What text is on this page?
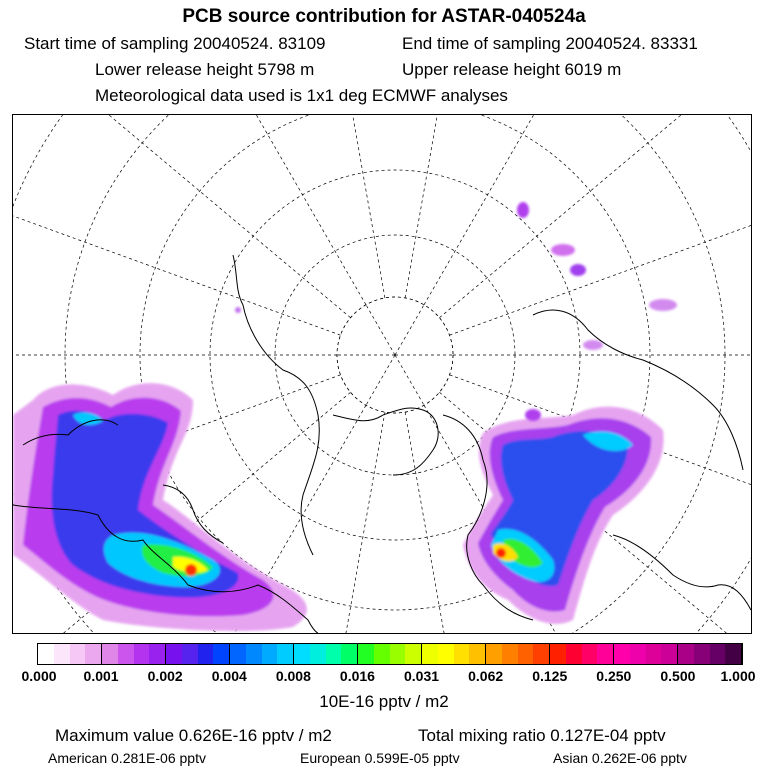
PCB source contribution for ASTAR-040524a
Start time of sampling 20040524. 83109	End time of sampling 20040524. 83331
Lower release height 5798 m	Upper release height 6019 m
Meteorological data used is 1x1 deg ECMWF analyses
0.000 0.001 0.002 0.004 0.008 0.016 0.031 0.062 0.125 0.250 0.500 1.000
10E-16 pptv / m2
Maximum value 0.626E-16 pptv / m2	Total mixing ratio 0.127E-04 pptv
American 0.281E-06 pptv	European 0.599E-05 pptv	Asian 0.262E-06 pptv
